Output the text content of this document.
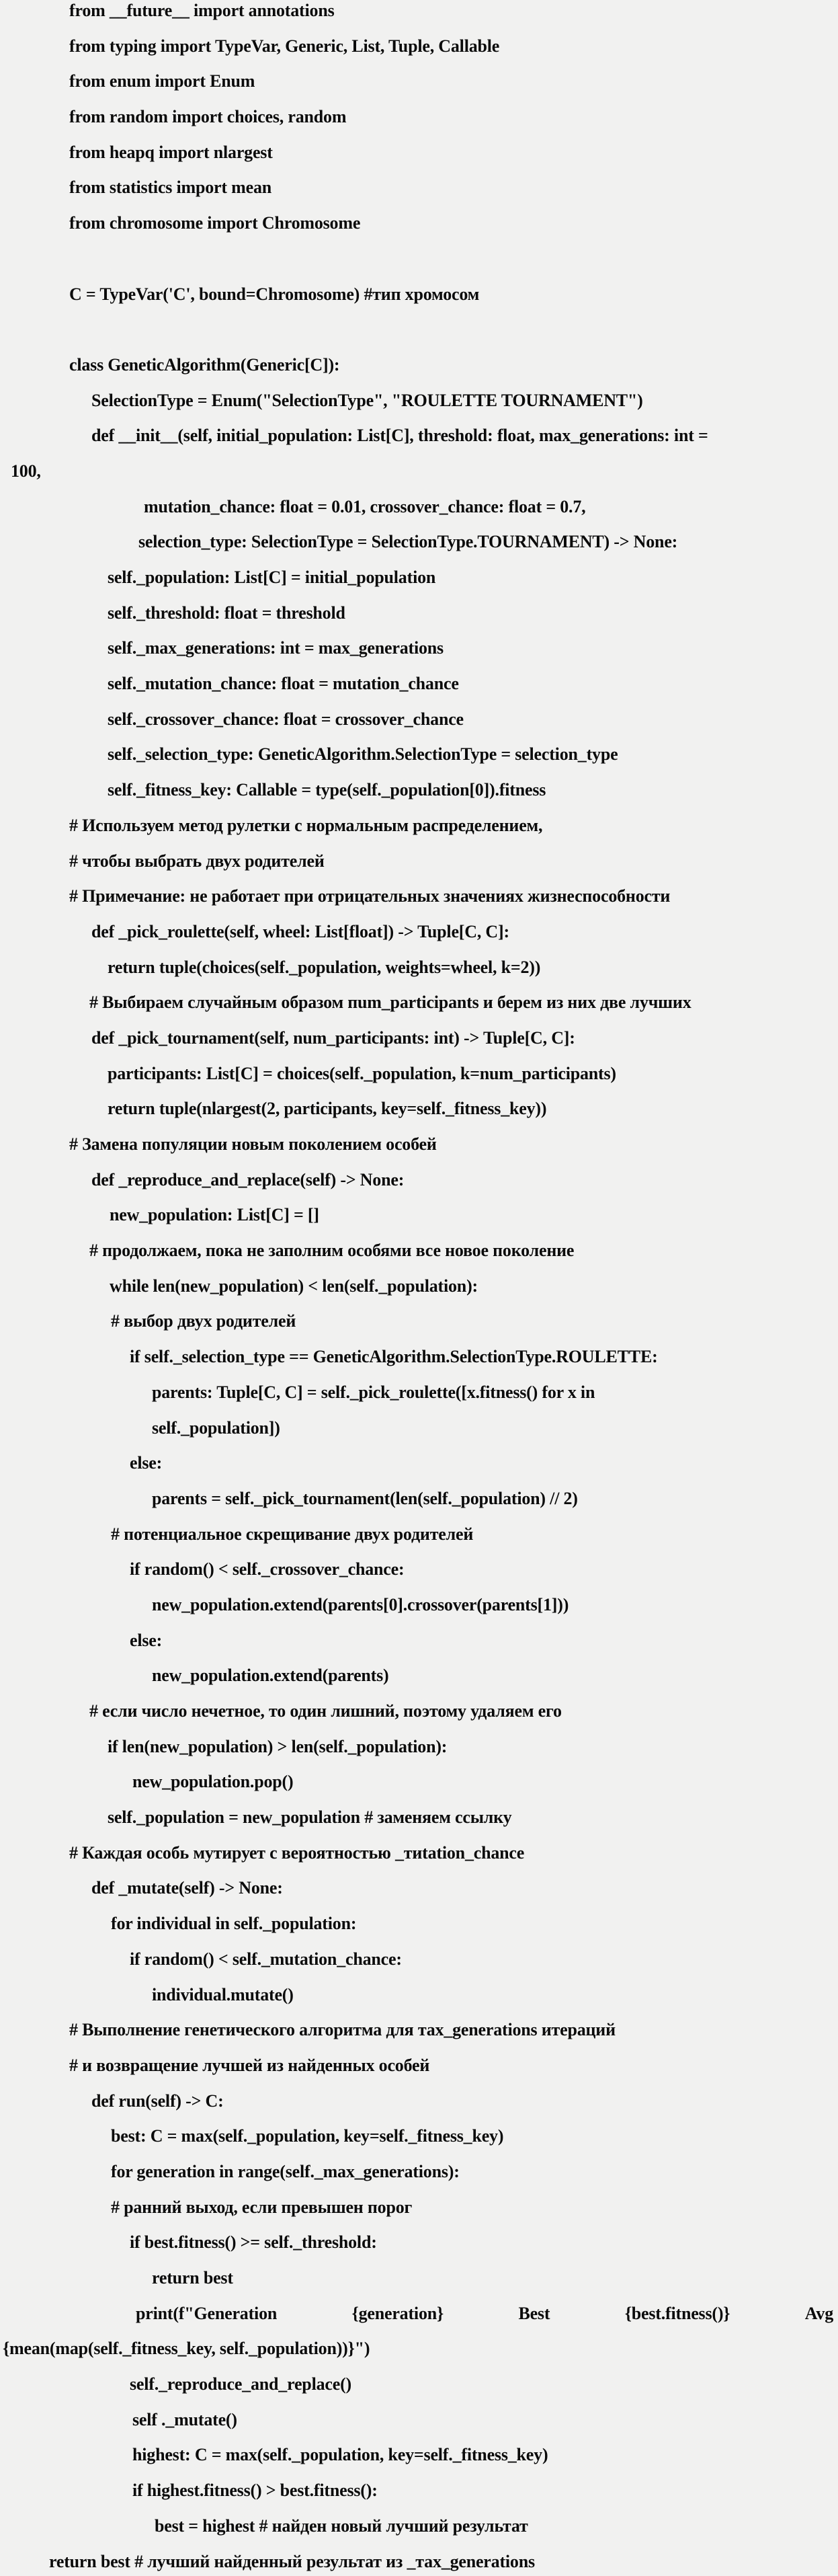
from __future__ import annotations
from typing import TypeVar, Generic, List, Tuple, Callable
from enum import Enum
from random import choices, random
from heapq import nlargest
from statistics import mean
from chromosome import Chromosome
C = TypeVar('C', bound=Chromosome) #тип хромосом
class GeneticAlgorithm(Generic[C]):
SelectionType = Enum("SelectionType", "ROULETTE TOURNAMENT")
def __init__(self, initial_population: List[C], threshold: float, max_generations: int =
100,
mutation_chance: float = 0.01, crossover_chance: float = 0.7,
selection_type: SelectionType = SelectionType.TOURNAMENT) -> None:
self._population: List[C] = initial_population
self._threshold: float = threshold
self._max_generations: int = max_generations
self._mutation_chance: float = mutation_chance
self._crossover_chance: float = crossover_chance
self._selection_type: GeneticAlgorithm.SelectionType = selection_type
self._fitness_key: Callable = type(self._population[0]).fitness
# Используем метод рулетки с нормальным распределением,
# чтобы выбрать двух родителей
# Примечание: не работает при отрицательных значениях жизнеспособности
def _pick_roulette(self, wheel: List[float]) -> Tuple[C, C]:
return tuple(choices(self._population, weights=wheel, k=2))
# Выбираем случайным образом пum_participants и берем из них две лучших
def _pick_tournament(self, num_participants: int) -> Tuple[C, C]:
participants: List[C] = choices(self._population, k=num_participants)
return tuple(nlargest(2, participants, key=self._fitness_key))
# Замена популяции новым поколением особей
def _reproduce_and_replace(self) -> None:
new_population: List[C] = []
# продолжаем, пока не заполним особями все новое поколение
while len(new_population) < len(self._population):
# выбор двух родителей
if self._selection_type == GeneticAlgorithm.SelectionType.ROULETTE:
parents: Tuple[C, C] = self._pick_roulette([x.fitness() for x in
self._population])
else:
parents = self._pick_tournament(len(self._population) // 2)
# потенциальное скрещивание двух родителей
if random() < self._crossover_chance:
new_population.extend(parents[0].crossover(parents[1]))
else:
new_population.extend(parents)
# если число нечетное, то один лишний, поэтому удаляем его
if len(new_population) > len(self._population):
new_population.pop()
self._population = new_population # заменяем ссылку
# Каждая особь мутирует с вероятностью _тиtation_chance
def _mutate(self) -> None:
for individual in self._population:
if random() < self._mutation_chance:
individual.mutate()
# Выполнение генетического алгоритма для тах_generations итераций
# и возвращение лучшей из найденных особей
def run(self) -> C:
best: C = max(self._population, key=self._fitness_key)
for generation in range(self._max_generations):
# ранний выход, если превышен порог
if best.fitness() >= self._threshold:
return best
print(f"Generation	{generation}	Best	{best.fitness()}	Avg
{mean(map(self._fitness_key, self._population))}")
self._reproduce_and_replace()
self ._mutate()
highest: C = max(self._population, key=self._fitness_key)
if highest.fitness() > best.fitness():
best = highest # найден новый лучший результат
return best # лучший найденный результат из _тах_generations
